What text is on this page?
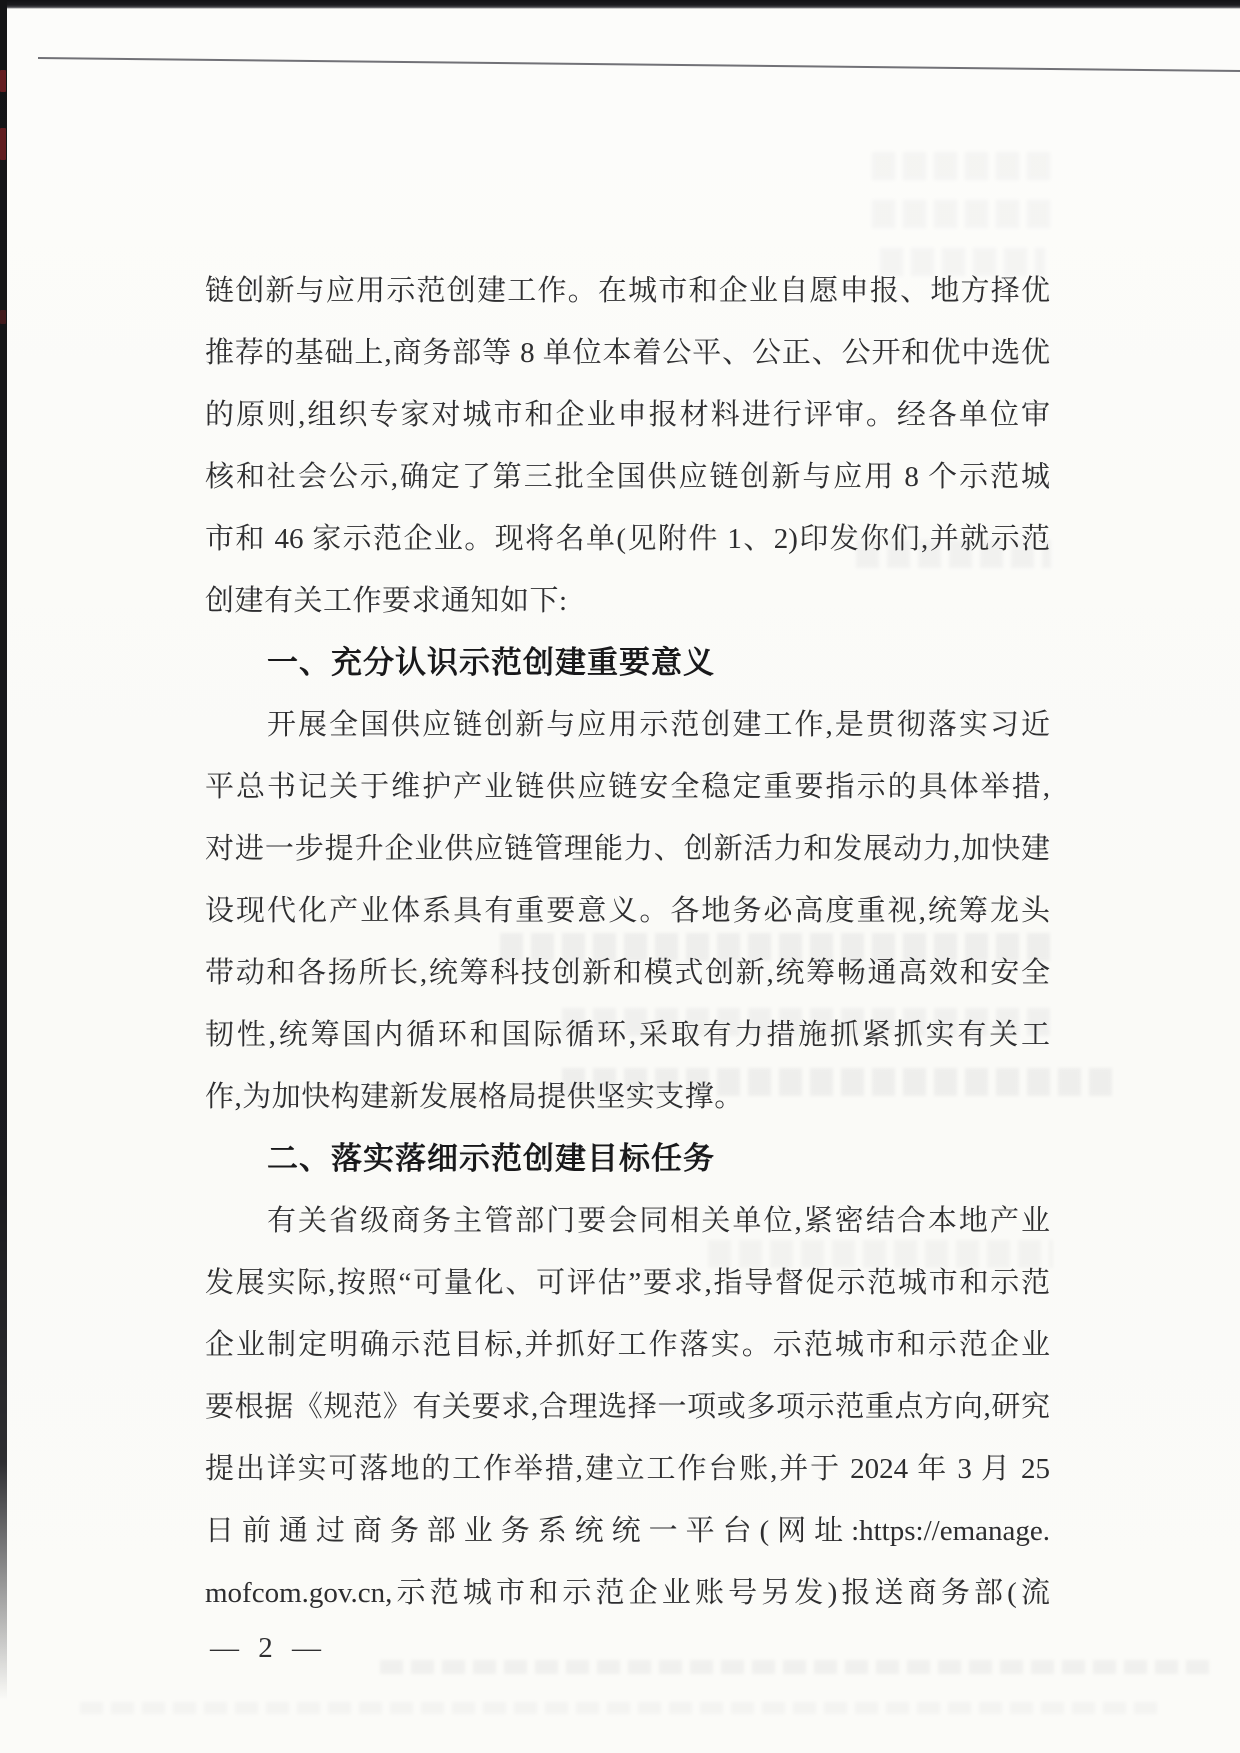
链创新与应用示范创建工作。在城市和企业自愿申报、地方择优
推荐的基础上,商务部等 8 单位本着公平、公正、公开和优中选优
的原则,组织专家对城市和企业申报材料进行评审。经各单位审
核和社会公示,确定了第三批全国供应链创新与应用 8 个示范城
市和 46 家示范企业。现将名单(见附件 1、2)印发你们,并就示范
创建有关工作要求通知如下:
一、充分认识示范创建重要意义
开展全国供应链创新与应用示范创建工作,是贯彻落实习近
平总书记关于维护产业链供应链安全稳定重要指示的具体举措,
对进一步提升企业供应链管理能力、创新活力和发展动力,加快建
设现代化产业体系具有重要意义。各地务必高度重视,统筹龙头
带动和各扬所长,统筹科技创新和模式创新,统筹畅通高效和安全
韧性,统筹国内循环和国际循环,采取有力措施抓紧抓实有关工
作,为加快构建新发展格局提供坚实支撑。
二、落实落细示范创建目标任务
有关省级商务主管部门要会同相关单位,紧密结合本地产业
发展实际,按照“可量化、可评估”要求,指导督促示范城市和示范
企业制定明确示范目标,并抓好工作落实。示范城市和示范企业
要根据《规范》有关要求,合理选择一项或多项示范重点方向,研究
提出详实可落地的工作举措,建立工作台账,并于 2024 年 3 月 25
日前通过商务部业务系统统一平台(网址:https://emanage.
mofcom.gov.cn,示范城市和示范企业账号另发)报送商务部(流
— 2 —
